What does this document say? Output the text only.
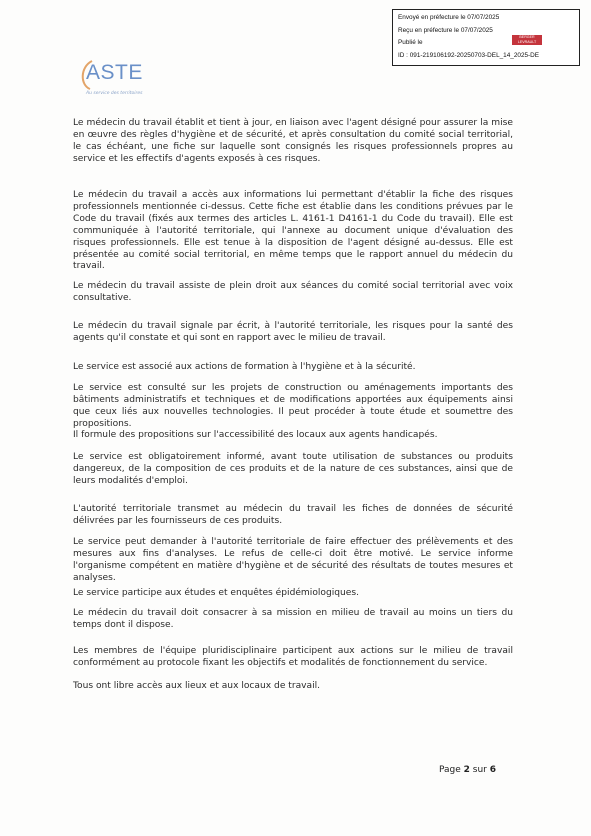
Envoyé en préfecture le 07/07/2025
Reçu en préfecture le 07/07/2025
Publié le
ID : 091-219106192-20250703-DEL_14_2025-DE
BERGER LEVRAULT
ASTE
Au service des territoires

Le médecin du travail établit et tient à jour, en liaison avec l'agent désigné pour assurer la mise en œuvre des règles d'hygiène et de sécurité, et après consultation du comité social territorial, le cas échéant, une fiche sur laquelle sont consignés les risques professionnels propres au service et les effectifs d'agents exposés à ces risques.

Le médecin du travail a accès aux informations lui permettant d'établir la fiche des risques professionnels mentionnée ci-dessus. Cette fiche est établie dans les conditions prévues par le Code du travail (fixés aux termes des articles L. 4161-1 D4161-1 du Code du travail). Elle est communiquée à l'autorité territoriale, qui l'annexe au document unique d'évaluation des risques professionnels. Elle est tenue à la disposition de l'agent désigné au-dessus. Elle est présentée au comité social territorial, en même temps que le rapport annuel du médecin du travail.

Le médecin du travail assiste de plein droit aux séances du comité social territorial avec voix consultative.

Le médecin du travail signale par écrit, à l'autorité territoriale, les risques pour la santé des agents qu'il constate et qui sont en rapport avec le milieu de travail.

Le service est associé aux actions de formation à l'hygiène et à la sécurité.

Le service est consulté sur les projets de construction ou aménagements importants des bâtiments administratifs et techniques et de modifications apportées aux équipements ainsi que ceux liés aux nouvelles technologies. Il peut procéder à toute étude et soumettre des propositions.

Il formule des propositions sur l'accessibilité des locaux aux agents handicapés.

Le service est obligatoirement informé, avant toute utilisation de substances ou produits dangereux, de la composition de ces produits et de la nature de ces substances, ainsi que de leurs modalités d'emploi.

L'autorité territoriale transmet au médecin du travail les fiches de données de sécurité délivrées par les fournisseurs de ces produits.

Le service peut demander à l'autorité territoriale de faire effectuer des prélèvements et des mesures aux fins d'analyses. Le refus de celle-ci doit être motivé. Le service informe l'organisme compétent en matière d'hygiène et de sécurité des résultats de toutes mesures et analyses.

Le service participe aux études et enquêtes épidémiologiques.

Le médecin du travail doit consacrer à sa mission en milieu de travail au moins un tiers du temps dont il dispose.

Les membres de l'équipe pluridisciplinaire participent aux actions sur le milieu de travail conformément au protocole fixant les objectifs et modalités de fonctionnement du service.

Tous ont libre accès aux lieux et aux locaux de travail.

Page 2 sur 6
